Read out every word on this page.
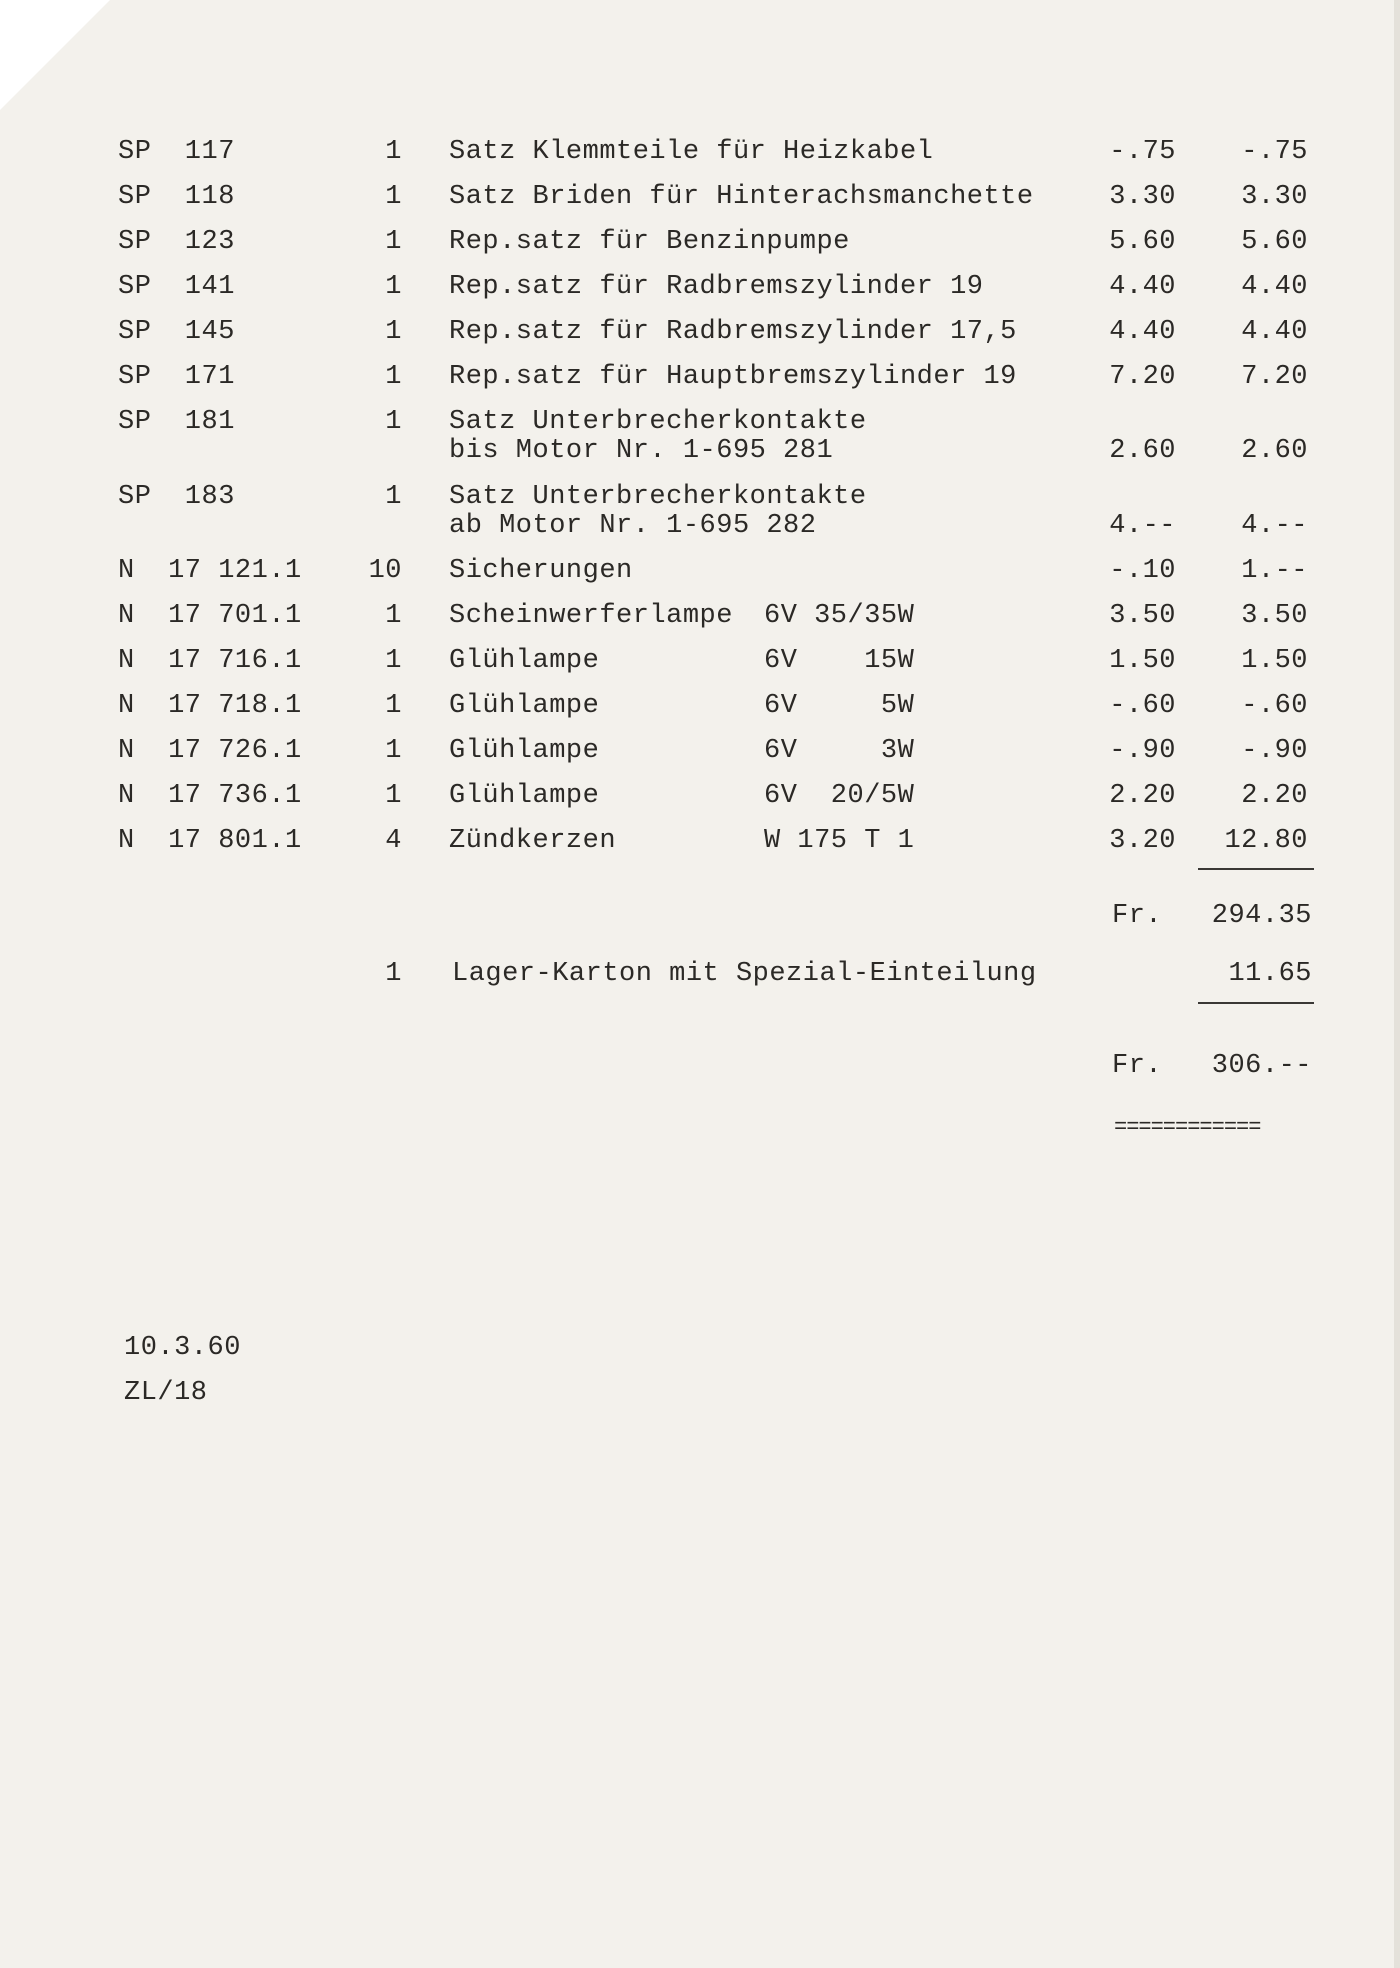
SP  117	1 Satz Klemmteile für Heizkabel	-.75	-.75
SP  118	1 Satz Briden für Hinterachsmanchette	3.30	3.30
SP  123	1 Rep.satz für Benzinpumpe	5.60	5.60
SP  141	1 Rep.satz für Radbremszylinder 19	4.40	4.40
SP  145	1 Rep.satz für Radbremszylinder 17,5	4.40	4.40
SP  171	1 Rep.satz für Hauptbremszylinder 19	7.20	7.20
SP  181	1 Satz Unterbrecherkontakte
bis Motor Nr. 1-695 281	2.60	2.60
SP  183	1 Satz Unterbrecherkontakte
ab Motor Nr. 1-695 282	4.--	4.--
N  17 121.1	10 Sicherungen	-.10	1.--
N  17 701.1	1 Scheinwerferlampe 6V 35/35W	3.50	3.50
N  17 716.1	1 Glühlampe	6V    15W	1.50	1.50
N  17 718.1	1 Glühlampe	6V     5W	-.60	-.60
N  17 726.1	1 Glühlampe	6V     3W	-.90	-.90
N  17 736.1	1 Glühlampe	6V  20/5W	2.20	2.20
N  17 801.1	4 Zündkerzen	W 175 T 1	3.20	12.80
Fr.	294.35
1 Lager-Karton mit Spezial-Einteilung	11.65
Fr.	306.--
============
10.3.60
ZL/18
